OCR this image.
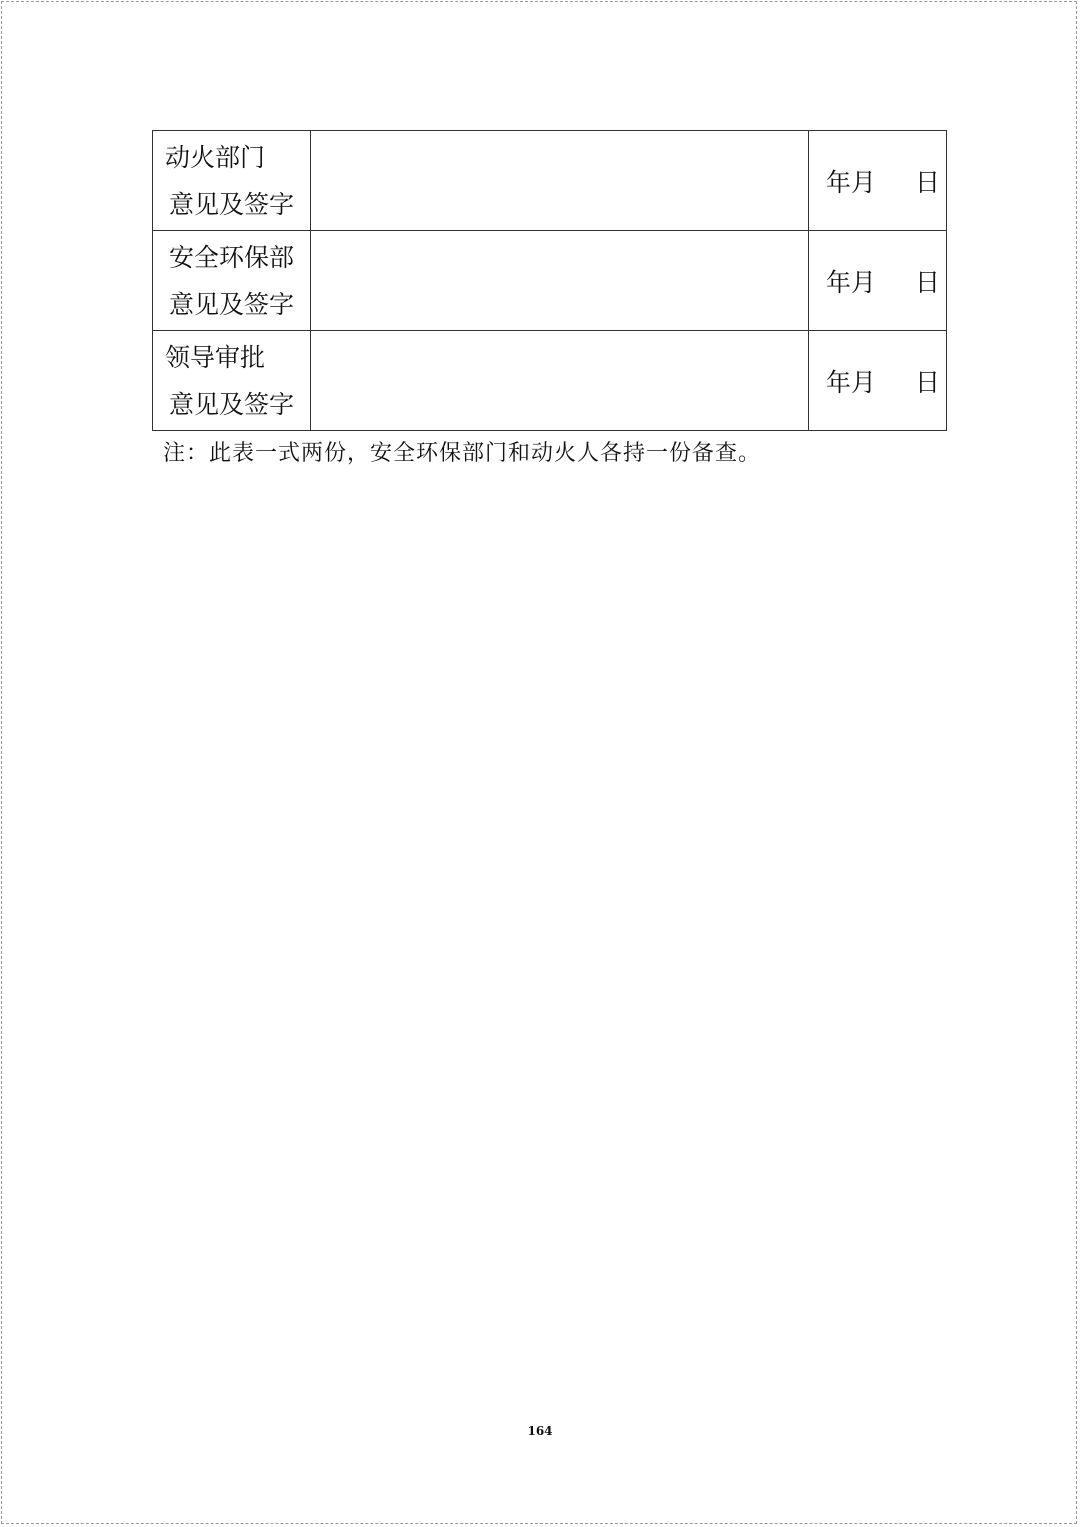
动火部门
意见及签字		年月 日

安全环保部
意见及签字		年月 日

领导审批
意见及签字		年月 日
注：此表一式两份，安全环保部门和动火人各持一份备查。
164
